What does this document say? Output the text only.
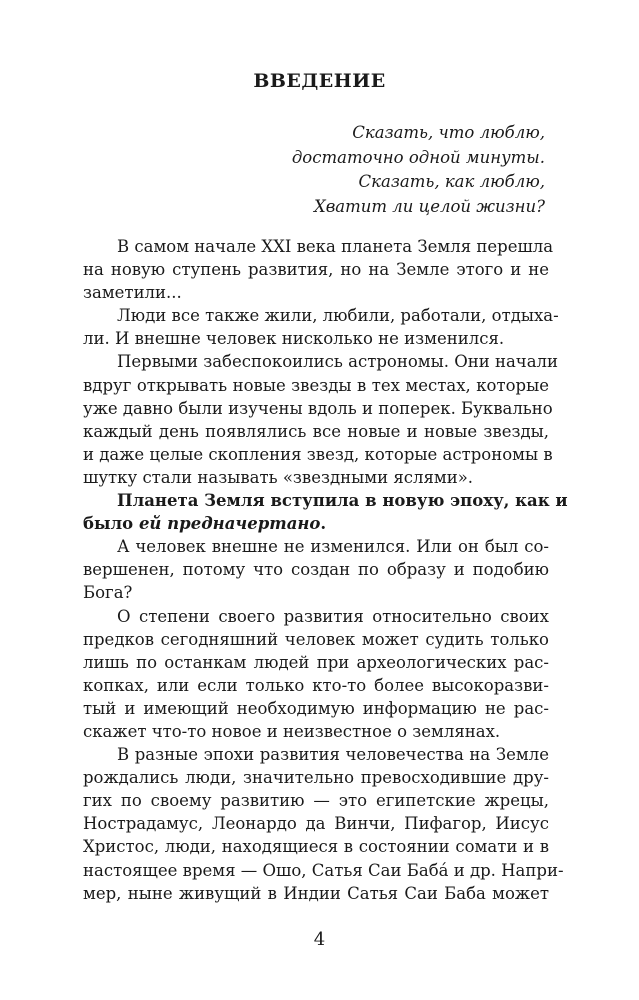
ВВЕДЕНИЕ
Сказать, что люблю,
достаточно одной минуты.
Сказать, как люблю,
Хватит ли целой жизни?
В самом начале XXI века планета Земля перешла
на новую ступень развития, но на Земле этого и не
заметили...
Люди все также жили, любили, работали, отдыха-
ли. И внешне человек нисколько не изменился.
Первыми забеспокоились астрономы. Они начали
вдруг открывать новые звезды в тех местах, которые
уже давно были изучены вдоль и поперек. Буквально
каждый день появлялись все новые и новые звезды,
и даже целые скопления звезд, которые астрономы в
шутку стали называть «звездными яслями».
Планета Земля вступила в новую эпоху, как и
было ей предначертано.
А человек внешне не изменился. Или он был со-
вершенен, потому что создан по образу и подобию
Бога?
О степени своего развития относительно своих
предков сегодняшний человек может судить только
лишь по останкам людей при археологических рас-
копках, или если только кто-то более высокоразви-
тый и имеющий необходимую информацию не рас-
скажет что-то новое и неизвестное о землянах.
В разные эпохи развития человечества на Земле
рождались люди, значительно превосходившие дру-
гих по своему развитию — это египетские жрецы,
Нострадамус, Леонардо да Винчи, Пифагор, Иисус
Христос, люди, находящиеся в состоянии сомати и в
настоящее время — Ошо, Сатья Саи Бабá и др. Напри-
мер, ныне живущий в Индии Сатья Саи Баба может
4
